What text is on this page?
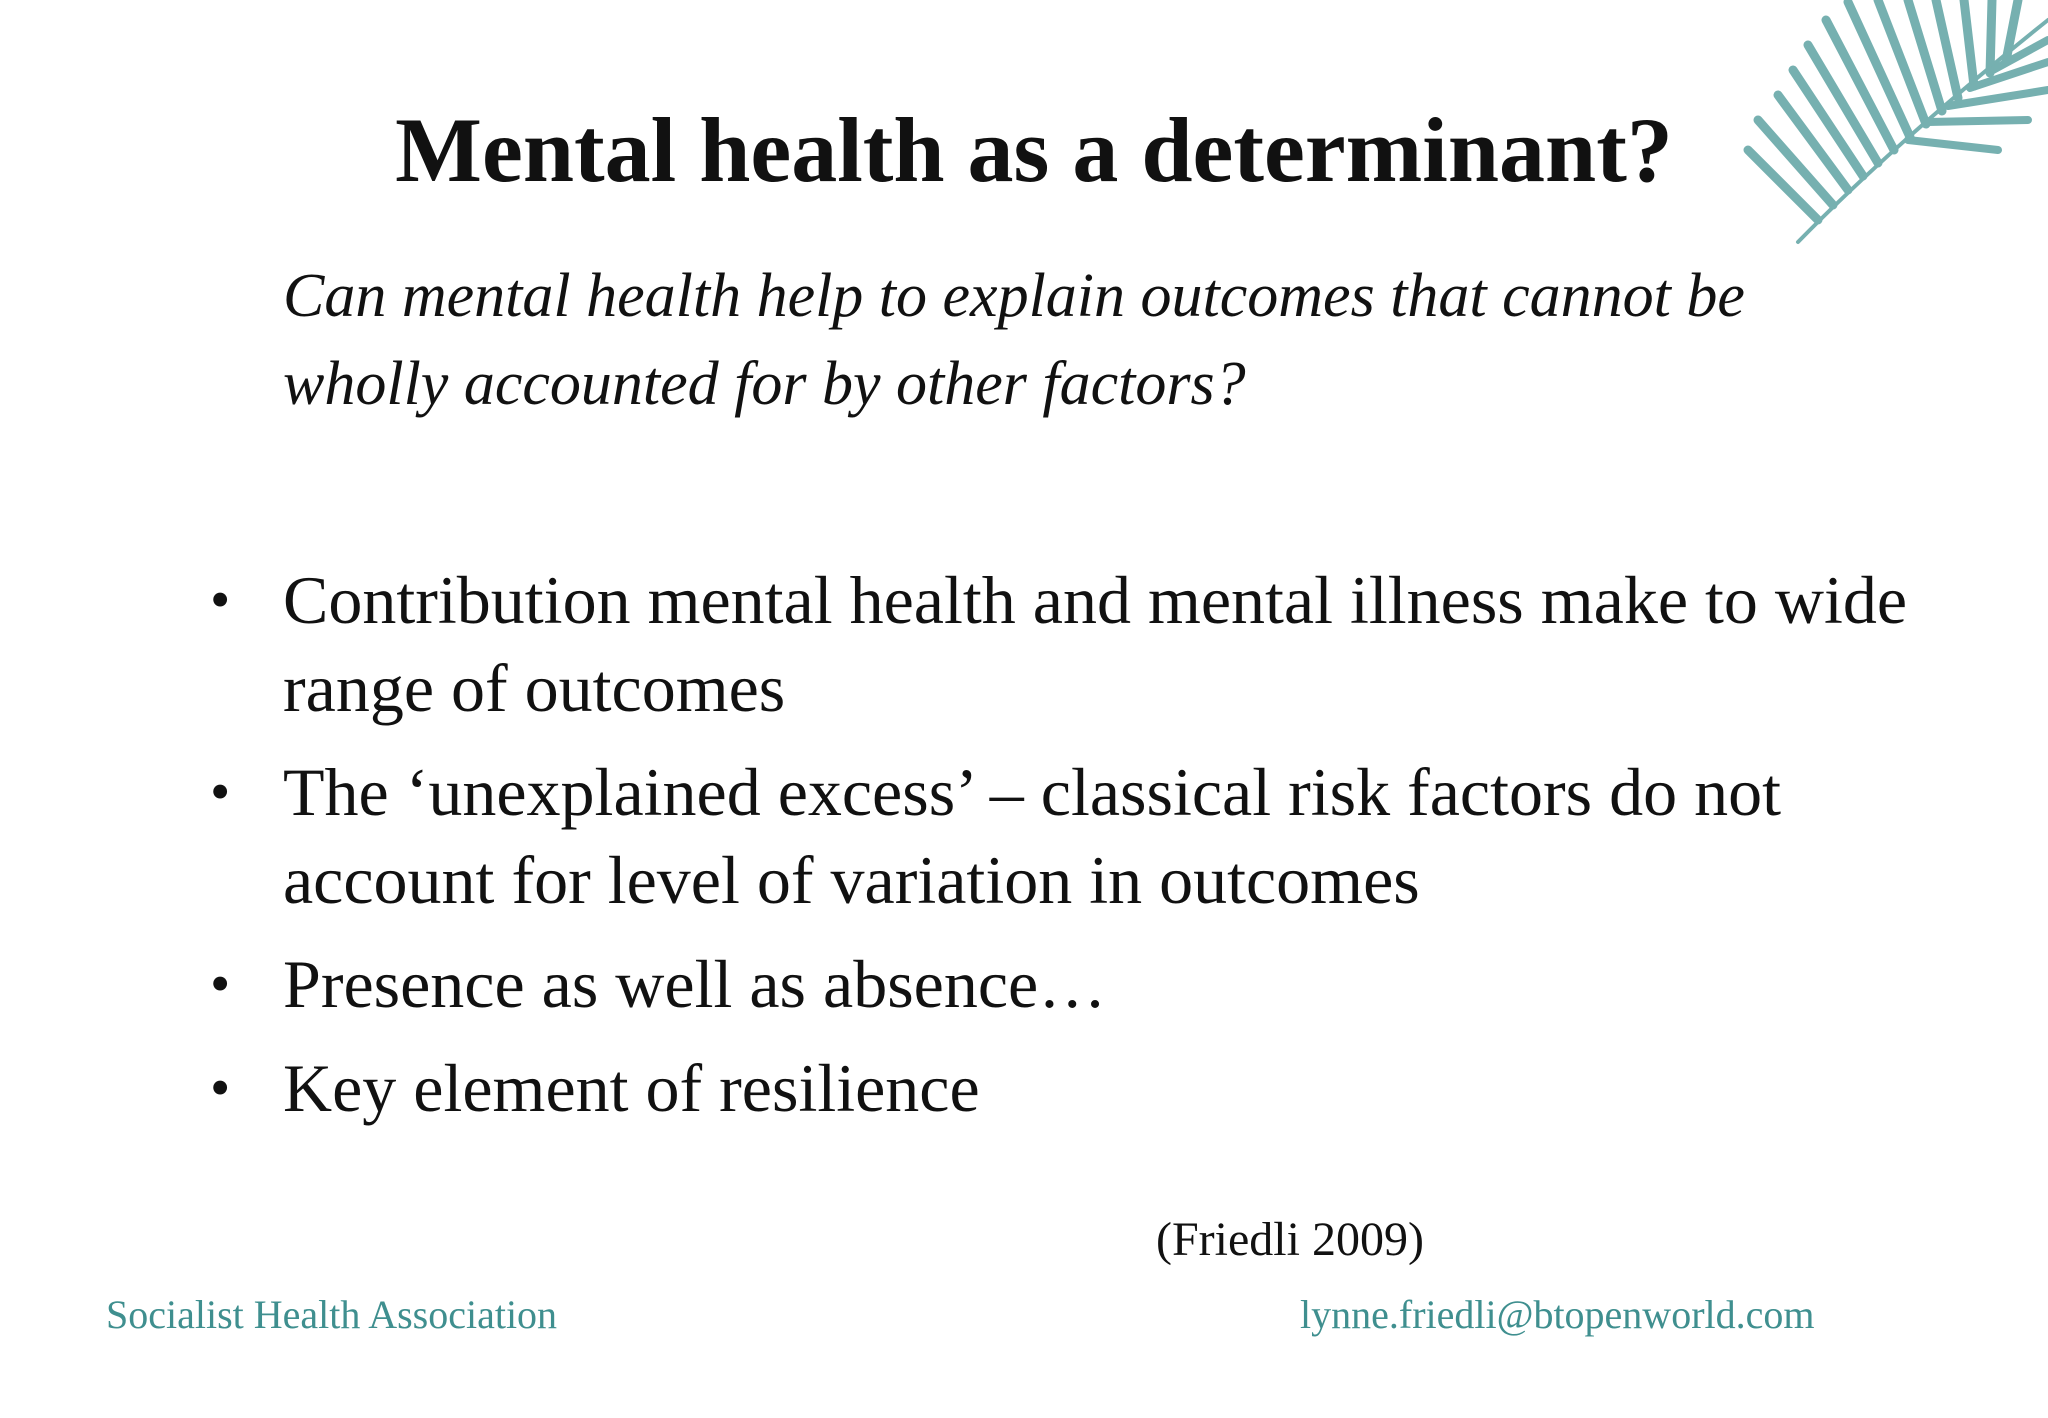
Mental health as a determinant?

Can mental health help to explain outcomes that cannot be wholly accounted for by other factors?

• Contribution mental health and mental illness make to wide range of outcomes
• The ‘unexplained excess’ – classical risk factors do not account for level of variation in outcomes
• Presence as well as absence…
• Key element of resilience

(Friedli 2009)

Socialist Health Association	lynne.friedli@btopenworld.com
